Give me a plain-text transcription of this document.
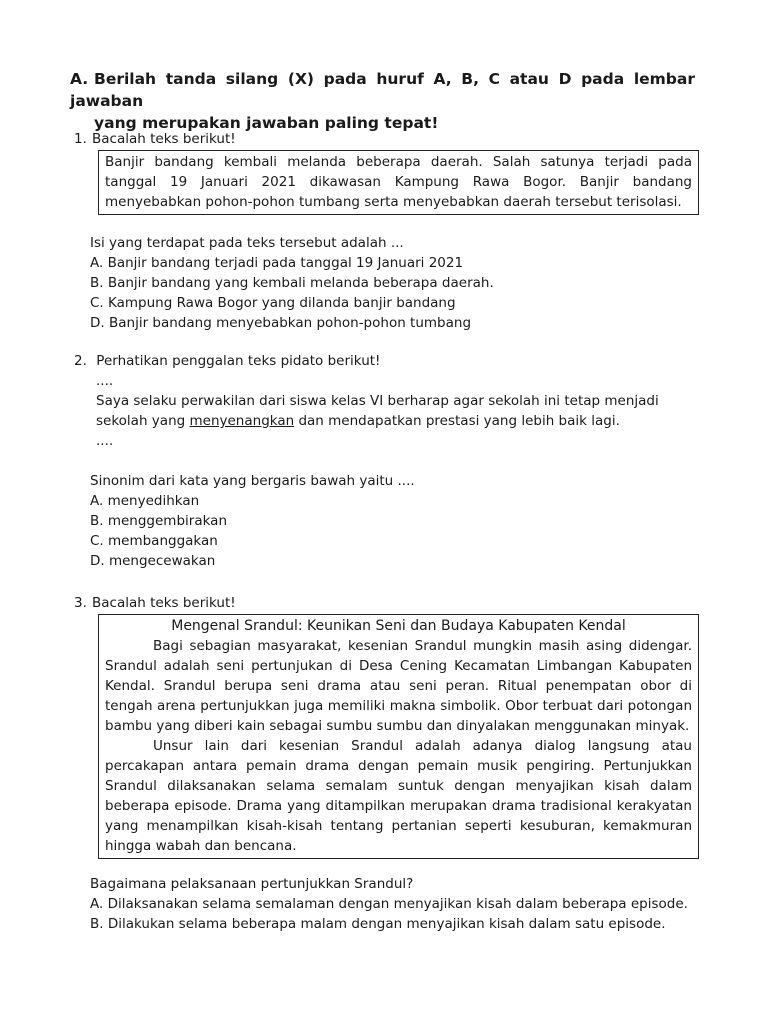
A. Berilah tanda silang (X) pada huruf A, B, C atau D pada lembar jawaban
yang merupakan jawaban paling tepat!
1. Bacalah teks berikut!

Banjir bandang kembali melanda beberapa daerah. Salah satunya terjadi pada tanggal 19 Januari 2021 dikawasan Kampung Rawa Bogor. Banjir bandang menyebabkan pohon-pohon tumbang serta menyebabkan daerah tersebut terisolasi.

Isi yang terdapat pada teks tersebut adalah ...

A. Banjir bandang terjadi pada tanggal 19 Januari 2021

B. Banjir bandang yang kembali melanda beberapa daerah.

C. Kampung Rawa Bogor yang dilanda banjir bandang

D. Banjir bandang menyebabkan pohon-pohon tumbang

2. Perhatikan penggalan teks pidato berikut!

....

Saya selaku perwakilan dari siswa kelas VI berharap agar sekolah ini tetap menjadi

sekolah yang menyenangkan dan mendapatkan prestasi yang lebih baik lagi.

....

Sinonim dari kata yang bergaris bawah yaitu ....

A. menyedihkan

B. menggembirakan

C. membanggakan

D. mengecewakan

3. Bacalah teks berikut!

Mengenal Srandul: Keunikan Seni dan Budaya Kabupaten Kendal

Bagi sebagian masyarakat, kesenian Srandul mungkin masih asing didengar. Srandul adalah seni pertunjukan di Desa Cening Kecamatan Limbangan Kabupaten Kendal. Srandul berupa seni drama atau seni peran. Ritual penempatan obor di tengah arena pertunjukkan juga memiliki makna simbolik. Obor terbuat dari potongan bambu yang diberi kain sebagai sumbu sumbu dan dinyalakan menggunakan minyak.

Unsur lain dari kesenian Srandul adalah adanya dialog langsung atau percakapan antara pemain drama dengan pemain musik pengiring. Pertunjukkan Srandul dilaksanakan selama semalam suntuk dengan menyajikan kisah dalam beberapa episode. Drama yang ditampilkan merupakan drama tradisional kerakyatan yang menampilkan kisah-kisah tentang pertanian seperti kesuburan, kemakmuran hingga wabah dan bencana.

Bagaimana pelaksanaan pertunjukkan Srandul?

A. Dilaksanakan selama semalaman dengan menyajikan kisah dalam beberapa episode.

B. Dilakukan selama beberapa malam dengan menyajikan kisah dalam satu episode.
